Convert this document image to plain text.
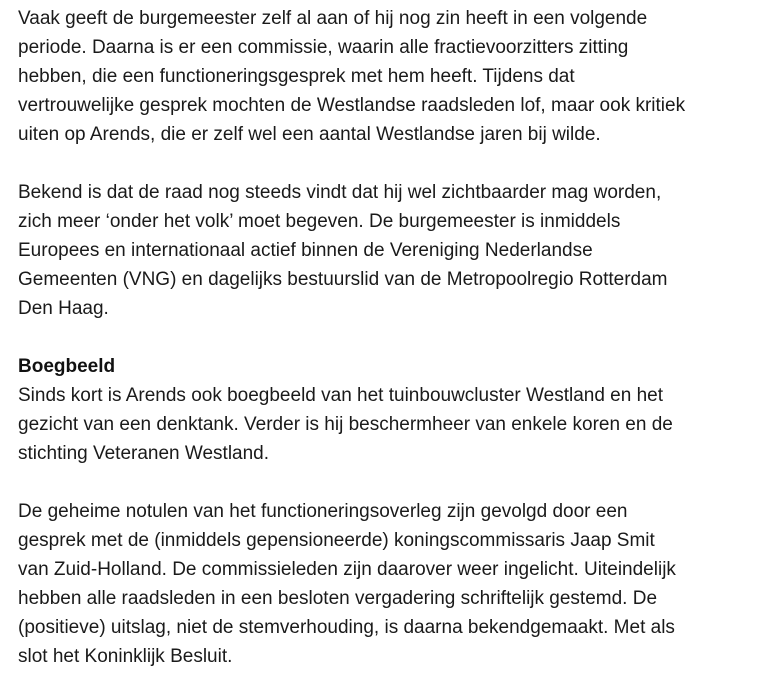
Vaak geeft de burgemeester zelf al aan of hij nog zin heeft in een volgende
periode. Daarna is er een commissie, waarin alle fractievoorzitters zitting
hebben, die een functioneringsgesprek met hem heeft. Tijdens dat
vertrouwelijke gesprek mochten de Westlandse raadsleden lof, maar ook kritiek
uiten op Arends, die er zelf wel een aantal Westlandse jaren bij wilde.

Bekend is dat de raad nog steeds vindt dat hij wel zichtbaarder mag worden,
zich meer ‘onder het volk’ moet begeven. De burgemeester is inmiddels
Europees en internationaal actief binnen de Vereniging Nederlandse
Gemeenten (VNG) en dagelijks bestuurslid van de Metropoolregio Rotterdam
Den Haag.

Boegbeeld

Sinds kort is Arends ook boegbeeld van het tuinbouwcluster Westland en het
gezicht van een denktank. Verder is hij beschermheer van enkele koren en de
stichting Veteranen Westland.

De geheime notulen van het functioneringsoverleg zijn gevolgd door een
gesprek met de (inmiddels gepensioneerde) koningscommissaris Jaap Smit
van Zuid-Holland. De commissieleden zijn daarover weer ingelicht. Uiteindelijk
hebben alle raadsleden in een besloten vergadering schriftelijk gestemd. De
(positieve) uitslag, niet de stemverhouding, is daarna bekendgemaakt. Met als
slot het Koninklijk Besluit.
